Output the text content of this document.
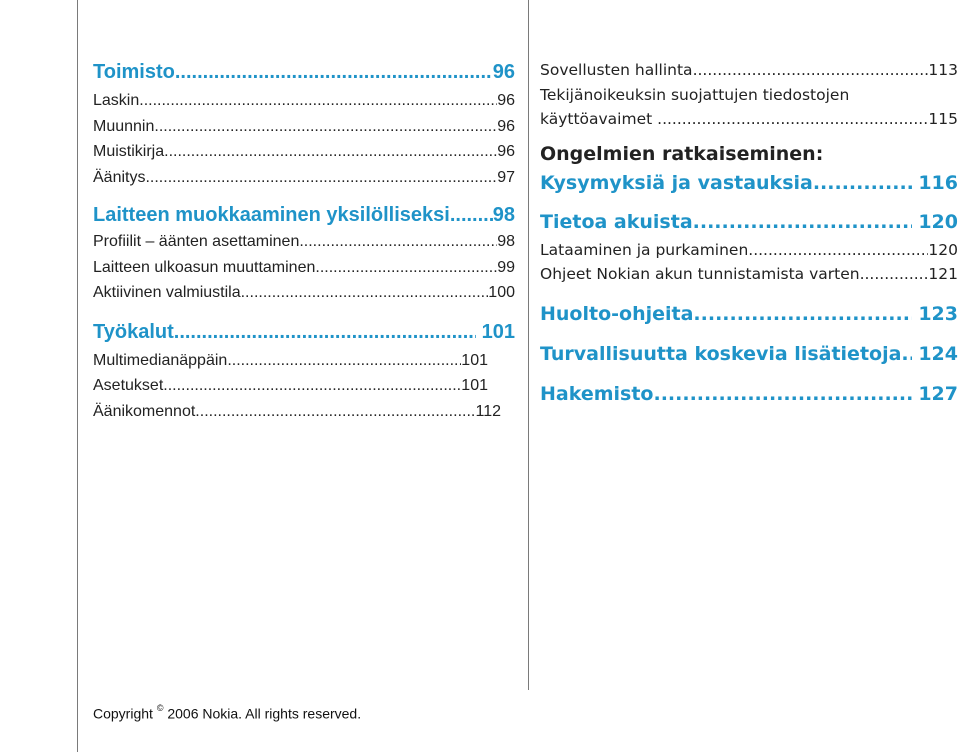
Toimisto .....	96
Laskin .....	96
Muunnin .....	96
Muistikirja .....	96
Äänitys .....	97
Laitteen muokkaaminen yksilölliseksi ..... 98
Profiilit – äänten asettaminen .....	98
Laitteen ulkoasun muuttaminen .....	99
Aktiivinen valmiustila .....	100
Työkalut .....	101
Multimedianäppäin .....	101
Asetukset .....	101
Äänikomennot .....	112
Sovellusten hallinta .....	113
Tekijänoikeuksin suojattujen tiedostojen
käyttöavaimet .....	115
Ongelmien ratkaiseminen:
Kysymyksiä ja vastauksia .....	116
Tietoa akuista .....	120
Lataaminen ja purkaminen .....	120
Ohjeet Nokian akun tunnistamista varten .....	121
Huolto-ohjeita .....	123
Turvallisuutta koskevia lisätietoja ..... 124
Hakemisto .....	127
Copyright © 2006 Nokia. All rights reserved.
